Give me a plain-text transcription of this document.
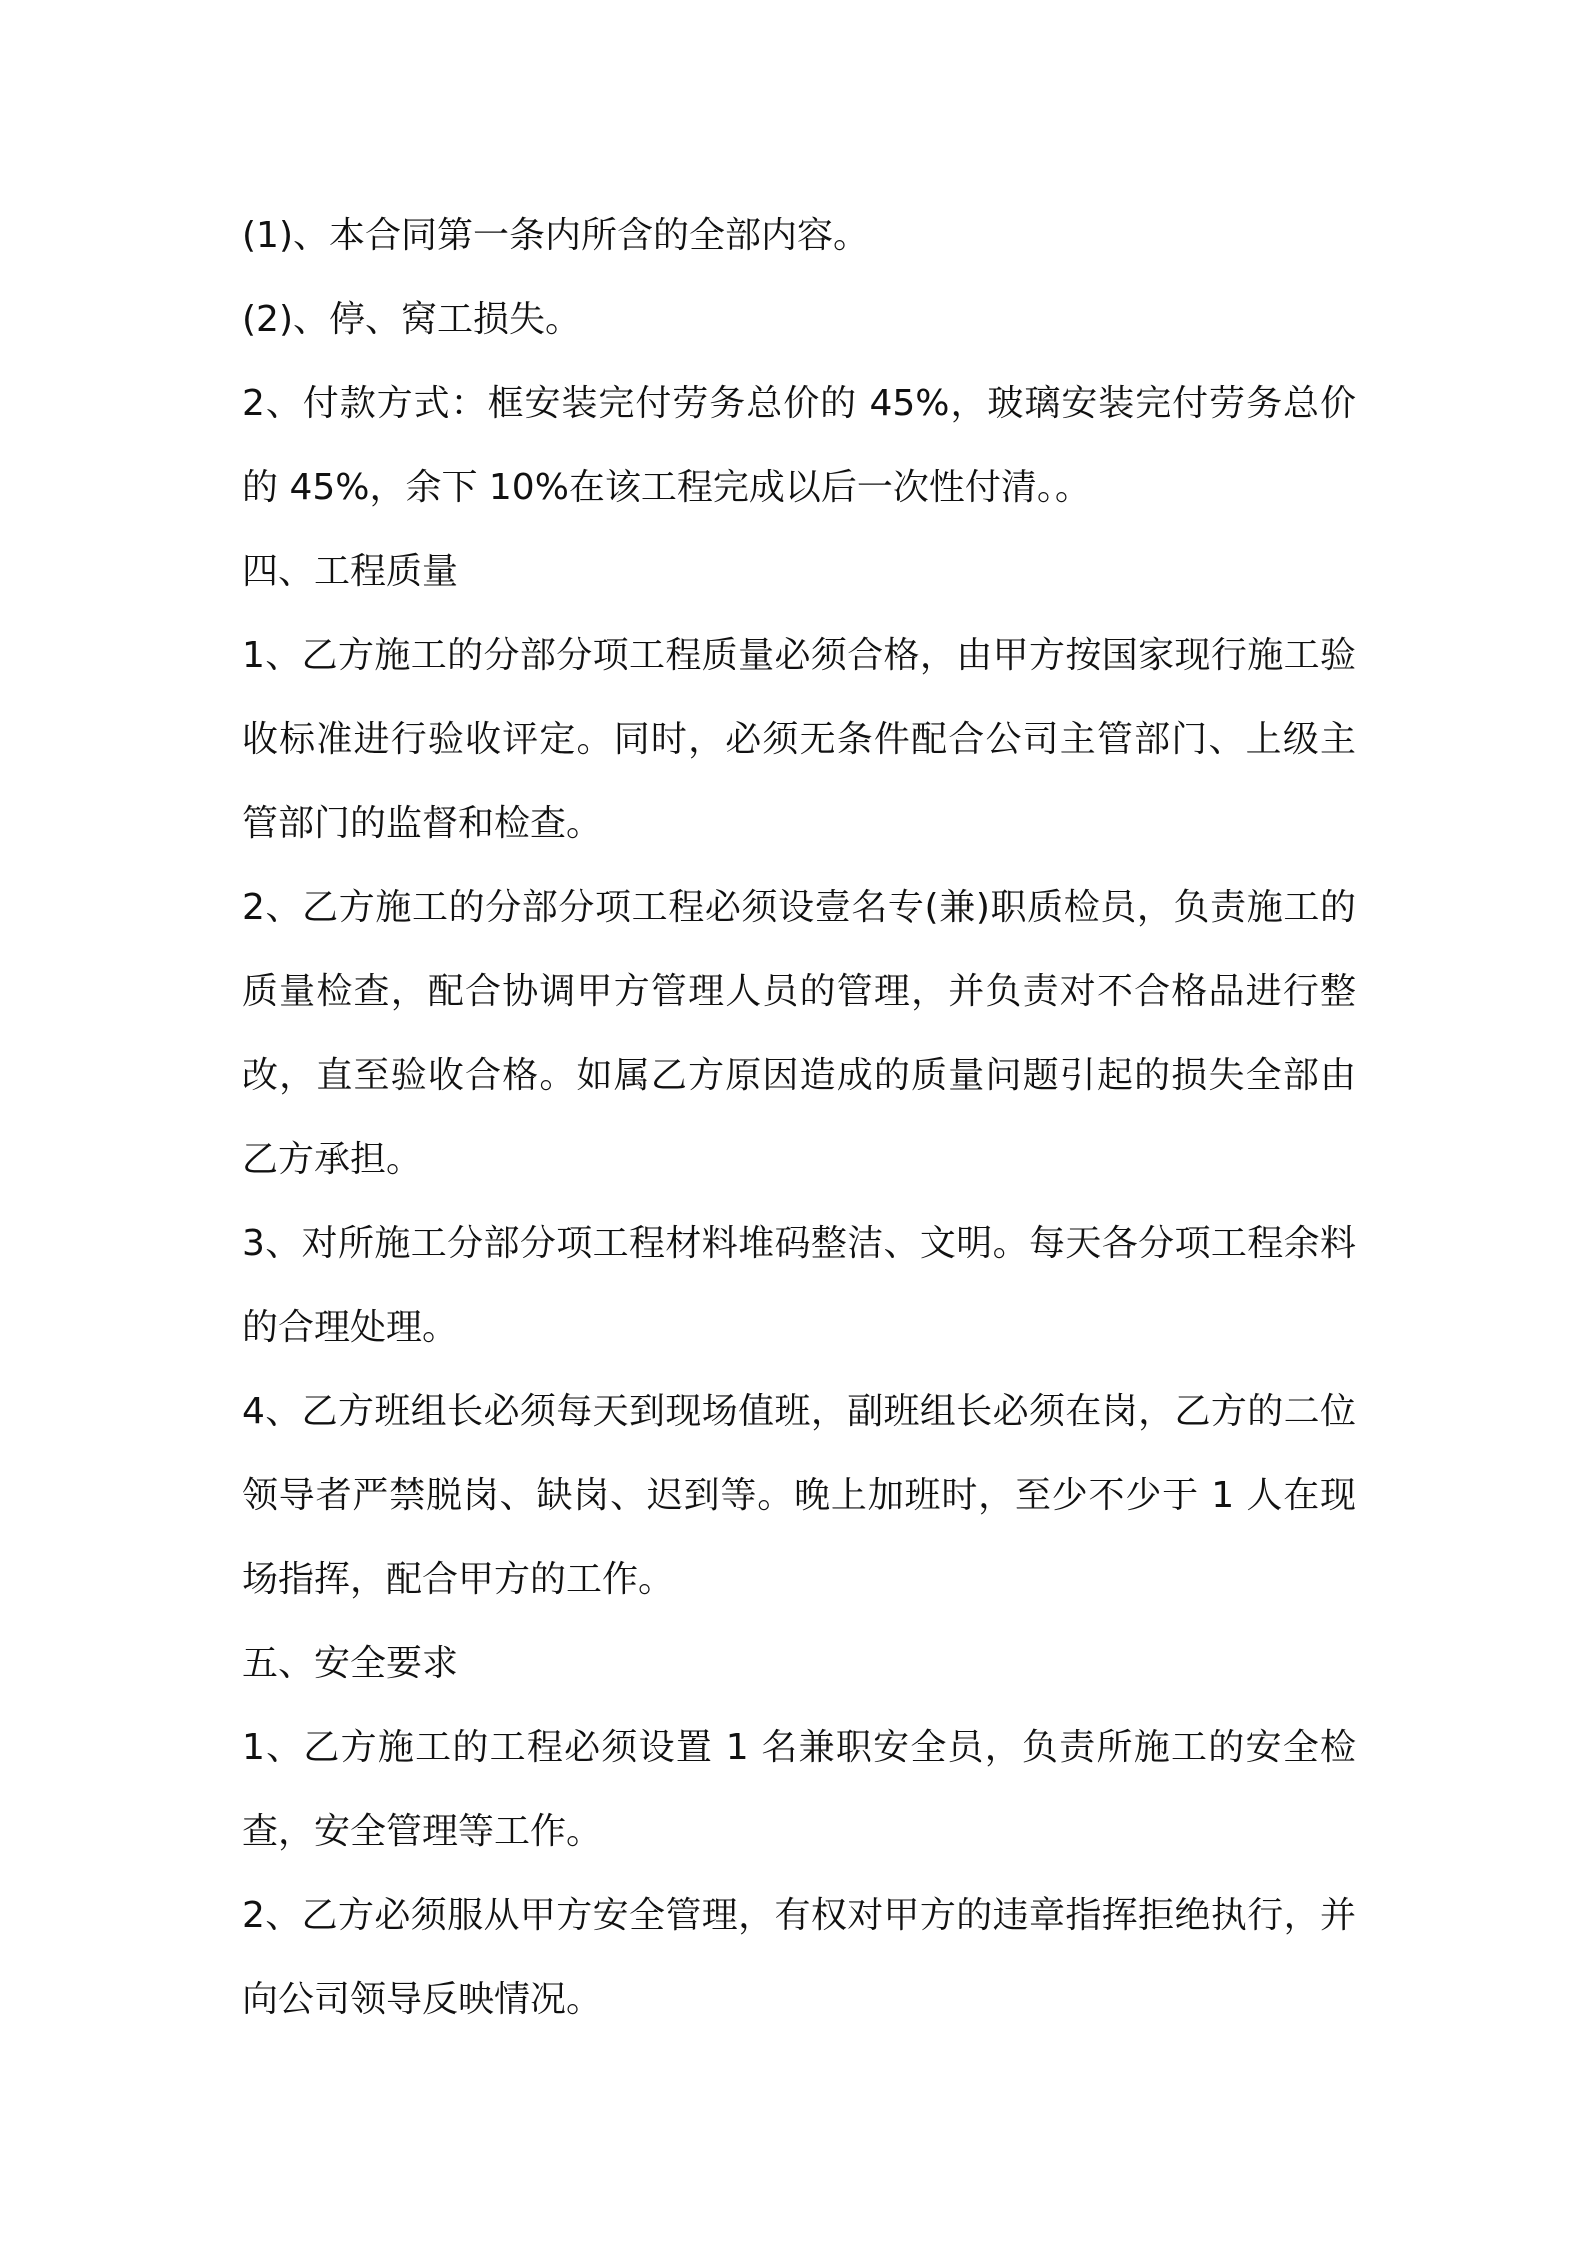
(1)、本合同第一条内所含的全部内容。

(2)、停、窝工损失。

2、付款方式：框安装完付劳务总价的 45%，玻璃安装完付劳务总价的 45%，余下 10%在该工程完成以后一次性付清。。

四、工程质量

1、乙方施工的分部分项工程质量必须合格，由甲方按国家现行施工验收标准进行验收评定。同时，必须无条件配合公司主管部门、上级主管部门的监督和检查。

2、乙方施工的分部分项工程必须设壹名专(兼)职质检员，负责施工的质量检查，配合协调甲方管理人员的管理，并负责对不合格品进行整改，直至验收合格。如属乙方原因造成的质量问题引起的损失全部由乙方承担。

3、对所施工分部分项工程材料堆码整洁、文明。每天各分项工程余料的合理处理。

4、乙方班组长必须每天到现场值班，副班组长必须在岗，乙方的二位领导者严禁脱岗、缺岗、迟到等。晚上加班时，至少不少于 1 人在现场指挥，配合甲方的工作。

五、安全要求

1、乙方施工的工程必须设置 1 名兼职安全员，负责所施工的安全检查，安全管理等工作。

2、乙方必须服从甲方安全管理，有权对甲方的违章指挥拒绝执行，并向公司领导反映情况。
